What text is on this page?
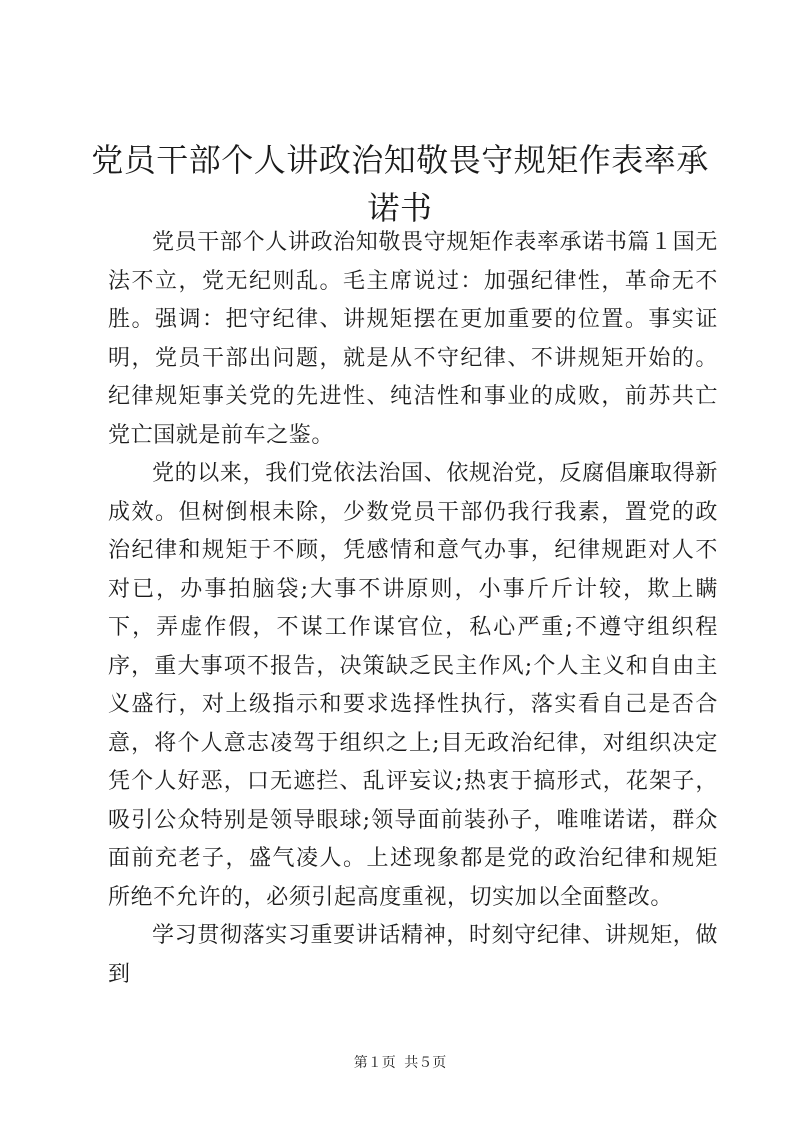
党员干部个人讲政治知敬畏守规矩作表率承诺书

党员干部个人讲政治知敬畏守规矩作表率承诺书篇１国无法不立，党无纪则乱。毛主席说过：加强纪律性，革命无不胜。强调：把守纪律、讲规矩摆在更加重要的位置。事实证明，党员干部出问题，就是从不守纪律、不讲规矩开始的。纪律规矩事关党的先进性、纯洁性和事业的成败，前苏共亡党亡国就是前车之鉴。

党的以来，我们党依法治国、依规治党，反腐倡廉取得新成效。但树倒根未除，少数党员干部仍我行我素，置党的政治纪律和规矩于不顾，凭感情和意气办事，纪律规距对人不对已，办事拍脑袋;大事不讲原则，小事斤斤计较，欺上瞒下，弄虚作假，不谋工作谋官位，私心严重;不遵守组织程序，重大事项不报告，决策缺乏民主作风;个人主义和自由主义盛行，对上级指示和要求选择性执行，落实看自己是否合意，将个人意志凌驾于组织之上;目无政治纪律，对组织决定凭个人好恶，口无遮拦、乱评妄议;热衷于搞形式，花架子，吸引公众特别是领导眼球;领导面前装孙子，唯唯诺诺，群众面前充老子，盛气凌人。上述现象都是党的政治纪律和规矩所绝不允许的，必须引起高度重视，切实加以全面整改。

学习贯彻落实习重要讲话精神，时刻守纪律、讲规矩，做到

第１页 共５页
